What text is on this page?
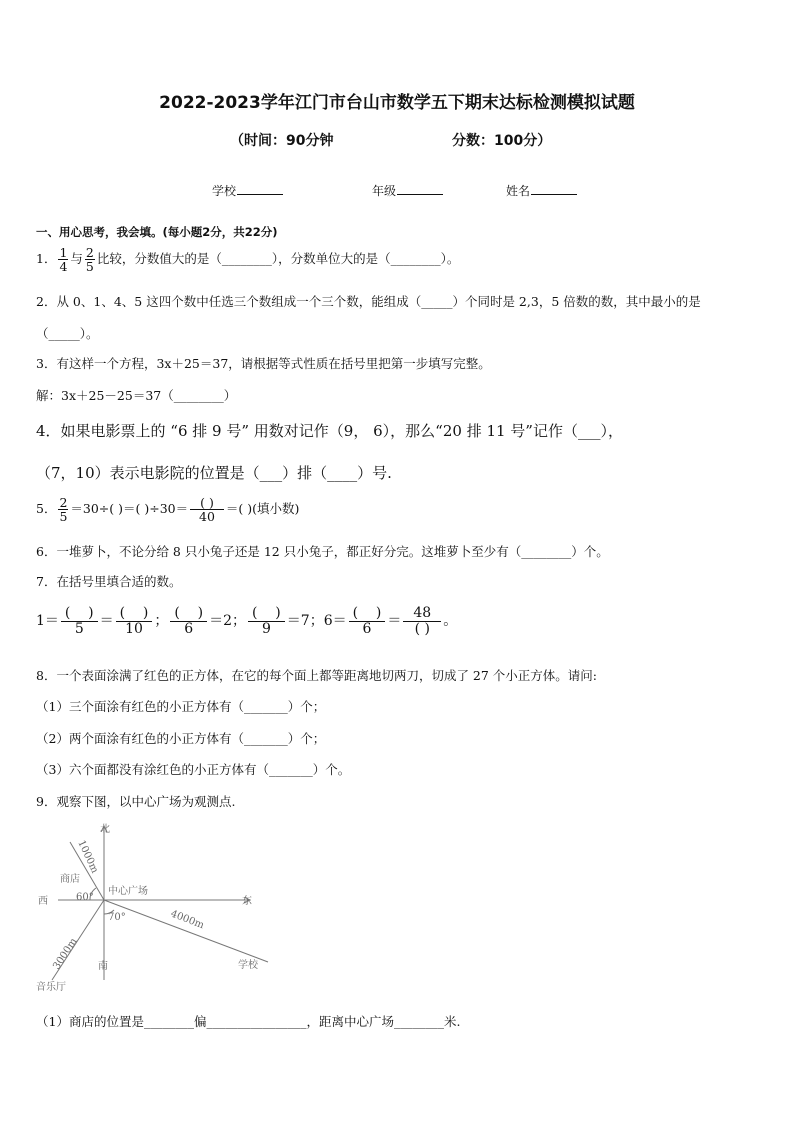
2022-2023学年江门市台山市数学五下期末达标检测模拟试题
（时间：90分钟	分数：100分）
学校	年级	姓名
一、用心思考，我会填。(每小题2分，共22分)
1． $\frac{1}{4}$ 与 $\frac{2}{5}$ 比较，分数值大的是（________），分数单位大的是（________）。
2．从 0、1、4、5 这四个数中任选三个数组成一个三个数，能组成（_____）个同时是 2,3，5 倍数的数，其中最小的是
（_____）。
3．有这样一个方程，3x＋25＝37，请根据等式性质在括号里把第一步填写完整。
解：3x＋25－25＝37（________）
4．如果电影票上的 “6 排 9 号” 用数对记作（9， 6），那么“20 排 11 号”记作（___），
（7，10）表示电影院的位置是（___）排（____）号.
5． $\frac{2}{5} =30\div$( )＝( )$\div 30= \frac{( )}{40}$ ＝( )(填小数)
6．一堆萝卜，不论分给 8 只小兔子还是 12 只小兔子，都正好分完。这堆萝卜至少有（________）个。
7．在括号里填合适的数。
$1= \frac{( )}{5} = \frac{( )}{10}$ ； $\frac{( )}{6} =2$； $\frac{( )}{9} =7$；$6= \frac{( )}{6} = \frac{48}{( )}$ 。
8．一个表面涂满了红色的正方体，在它的每个面上都等距离地切两刀，切成了 27 个小正方体。请问:
（1）三个面涂有红色的小正方体有（_______）个；
（2）两个面涂有红色的小正方体有（_______）个；
（3）六个面都没有涂红色的小正方体有（_______）个。
9．观察下图，以中心广场为观测点.
北
南
西	东
中心广场
商店
学校
音乐厅
60°
70°
1000m
3000m
4000m
（1）商店的位置是________偏________________，距离中心广场________米.
